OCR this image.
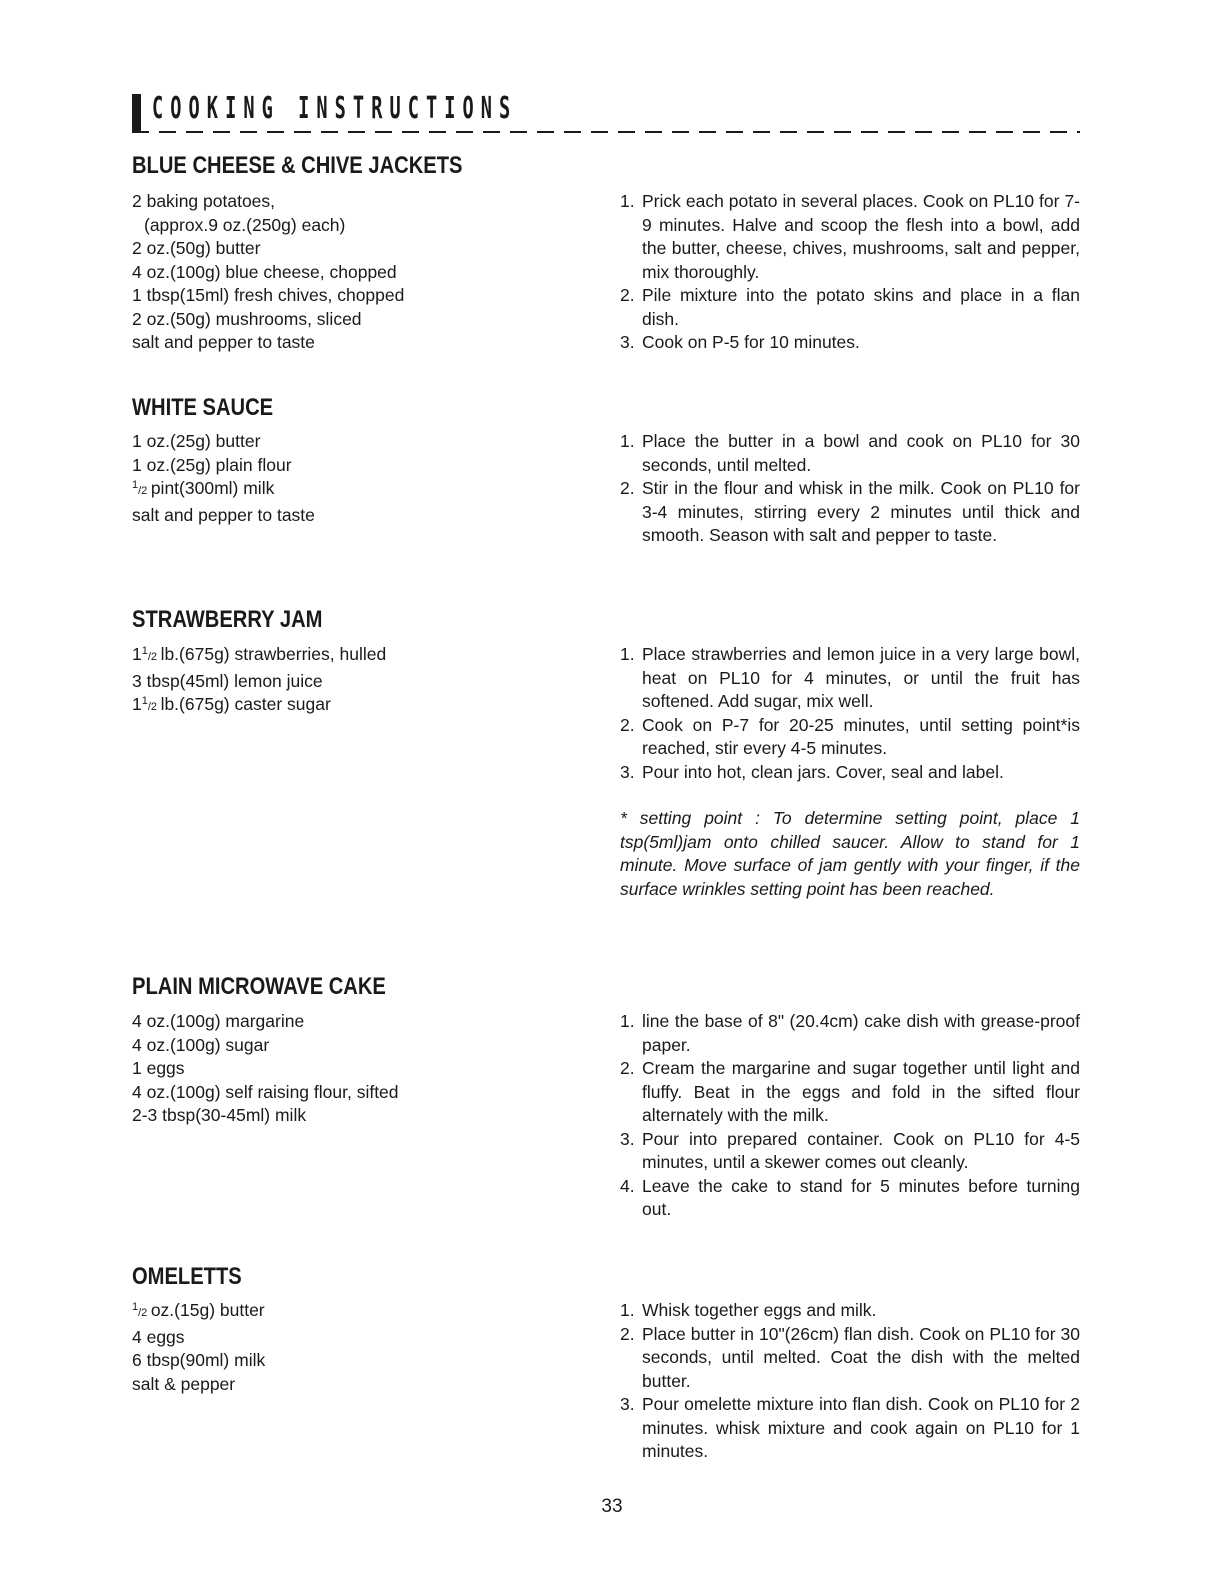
COOKING INSTRUCTIONS
BLUE CHEESE & CHIVE JACKETS
2 baking potatoes,
(approx.9 oz.(250g) each)
2 oz.(50g) butter
4 oz.(100g) blue cheese, chopped
1 tbsp(15ml) fresh chives, chopped
2 oz.(50g) mushrooms, sliced
salt and pepper to taste
1. Prick each potato in several places. Cook on PL10 for 7-9 minutes. Halve and scoop the flesh into a bowl, add the butter, cheese, chives, mushrooms, salt and pepper, mix thoroughly.
2. Pile mixture into the potato skins and place in a flan dish.
3. Cook on P-5 for 10 minutes.
WHITE SAUCE
1 oz.(25g) butter
1 oz.(25g) plain flour
$^1$/2  pint(300ml) milk
salt and pepper to taste
1. Place the butter in a bowl and cook on PL10 for 30 seconds, until melted.
2. Stir in the flour and whisk in the milk. Cook on PL10 for 3-4 minutes, stirring every 2 minutes until thick and smooth. Season with salt and pepper to taste.
STRAWBERRY JAM
$1^1/2$  lb.(675g) strawberries, hulled
3 tbsp(45ml) lemon juice
$1^1/2$  lb.(675g) caster sugar
1. Place strawberries and lemon juice in a very large bowl, heat on PL10 for 4 minutes, or until the fruit has softened. Add sugar, mix well.
2. Cook on P-7 for 20-25 minutes, until setting point*is reached, stir every 4-5 minutes.
3. Pour into hot, clean jars. Cover, seal and label.

* setting point : To determine setting point, place 1 tsp(5ml)jam onto chilled saucer. Allow to stand for 1 minute. Move surface of jam gently with your finger, if the surface wrinkles setting point has been reached.

PLAIN MICROWAVE CAKE
4 oz.(100g) margarine
4 oz.(100g) sugar
1 eggs
4 oz.(100g) self raising flour, sifted
2-3 tbsp(30-45ml) milk
1. line the base of 8" (20.4cm) cake dish with grease-proof paper.
2. Cream the margarine and sugar together until light and fluffy. Beat in the eggs and fold in the sifted flour alternately with the milk.
3. Pour into prepared container. Cook on PL10 for 4-5 minutes, until a skewer comes out cleanly.
4. Leave the cake to stand for 5 minutes before turning out.
OMELETTS
$^1$/2  oz.(15g) butter
4 eggs
6 tbsp(90ml) milk
salt & pepper
1. Whisk together eggs and milk.
2. Place butter in 10"(26cm) flan dish. Cook on PL10 for 30 seconds, until melted. Coat the dish with the melted butter.
3. Pour omelette mixture into flan dish. Cook on PL10 for 2 minutes. whisk mixture and cook again on PL10 for 1 minutes.
33
